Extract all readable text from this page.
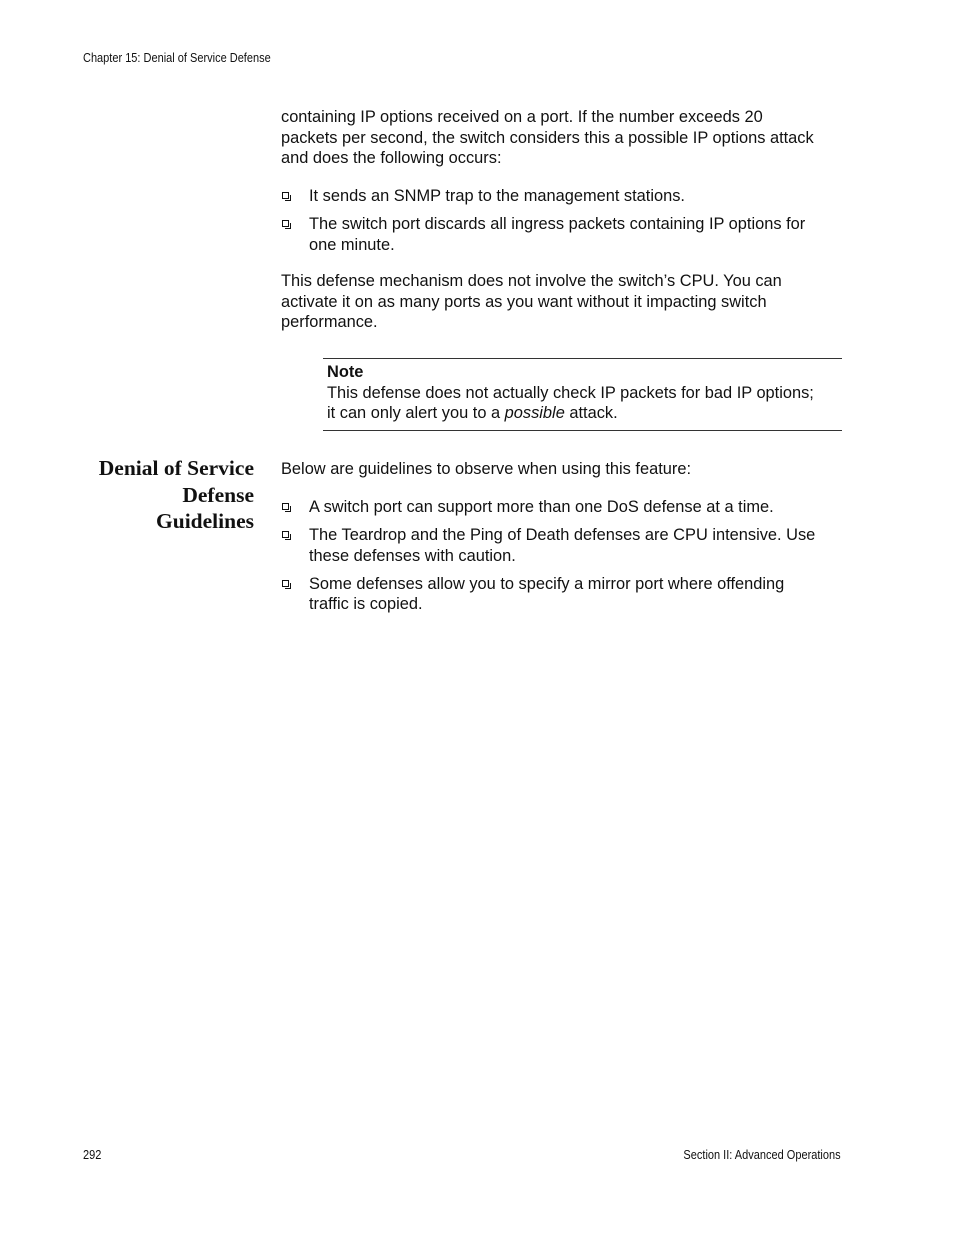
Chapter 15: Denial of Service Defense

containing IP options received on a port. If the number exceeds 20
packets per second, the switch considers this a possible IP options attack
and does the following occurs:

It sends an SNMP trap to the management stations.
The switch port discards all ingress packets containing IP options for
one minute.

This defense mechanism does not involve the switch’s CPU. You can
activate it on as many ports as you want without it impacting switch
performance.

Note
This defense does not actually check IP packets for bad IP options;
it can only alert you to a possible attack.
Denial of Service
Defense
Guidelines

Below are guidelines to observe when using this feature:

A switch port can support more than one DoS defense at a time.
The Teardrop and the Ping of Death defenses are CPU intensive. Use
these defenses with caution.
Some defenses allow you to specify a mirror port where offending
traffic is copied.
292	Section II: Advanced Operations
